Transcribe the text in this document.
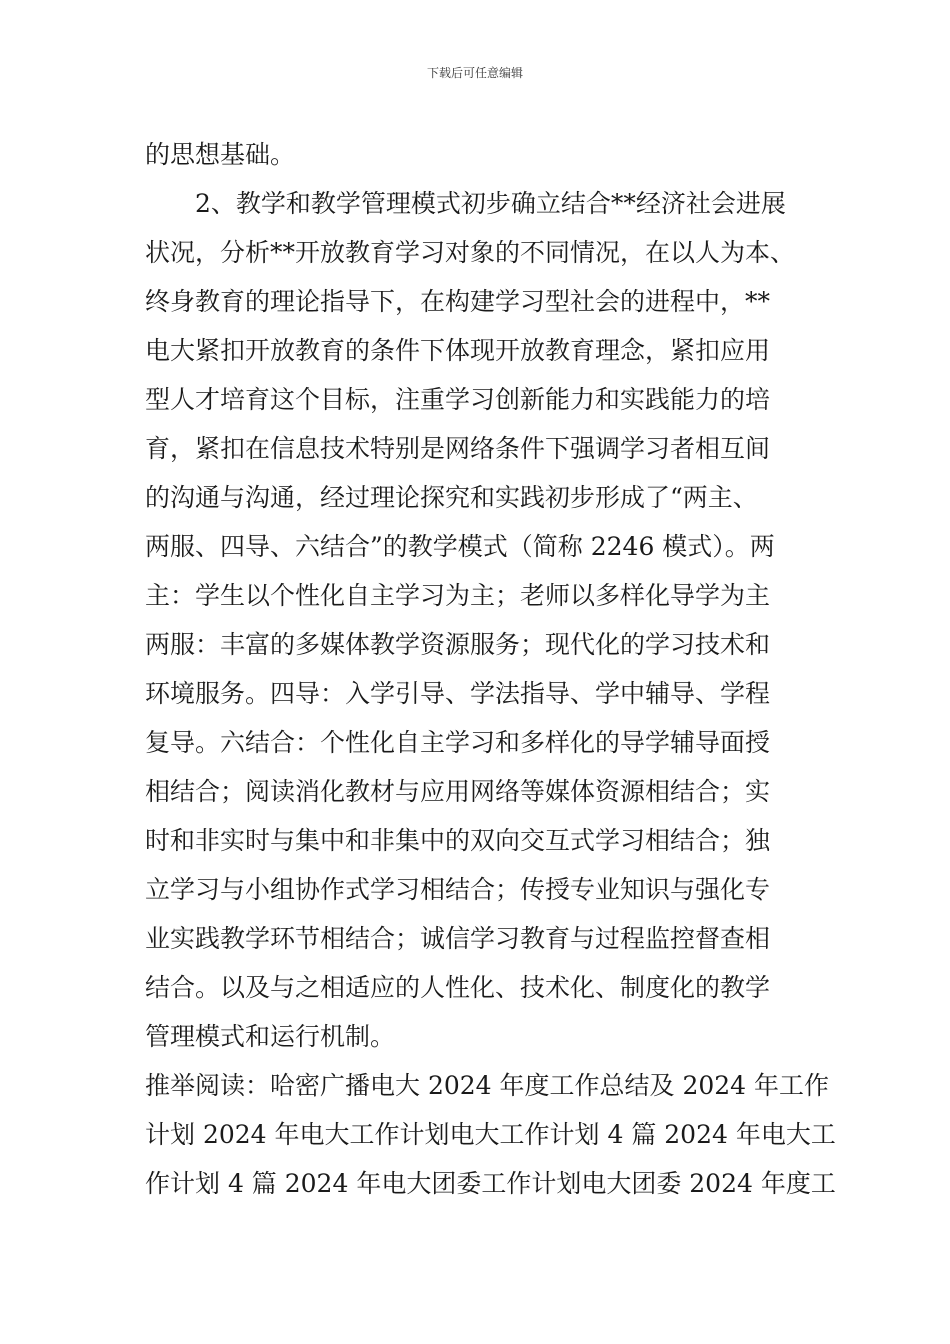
下载后可任意编辑
的思想基础。
2、教学和教学管理模式初步确立结合**经济社会进展
状况，分析**开放教育学习对象的不同情况，在以人为本、
终身教育的理论指导下，在构建学习型社会的进程中，**
电大紧扣开放教育的条件下体现开放教育理念，紧扣应用
型人才培育这个目标，注重学习创新能力和实践能力的培
育，紧扣在信息技术特别是网络条件下强调学习者相互间
的沟通与沟通，经过理论探究和实践初步形成了“两主、
两服、四导、六结合”的教学模式（简称 2246 模式）。两
主：学生以个性化自主学习为主；老师以多样化导学为主
两服：丰富的多媒体教学资源服务；现代化的学习技术和
环境服务。四导：入学引导、学法指导、学中辅导、学程
复导。六结合：个性化自主学习和多样化的导学辅导面授
相结合；阅读消化教材与应用网络等媒体资源相结合；实
时和非实时与集中和非集中的双向交互式学习相结合；独
立学习与小组协作式学习相结合；传授专业知识与强化专
业实践教学环节相结合；诚信学习教育与过程监控督查相
结合。以及与之相适应的人性化、技术化、制度化的教学
管理模式和运行机制。
推举阅读：哈密广播电大 2024 年度工作总结及 2024 年工作
计划 2024 年电大工作计划电大工作计划 4 篇 2024 年电大工
作计划 4 篇 2024 年电大团委工作计划电大团委 2024 年度工
